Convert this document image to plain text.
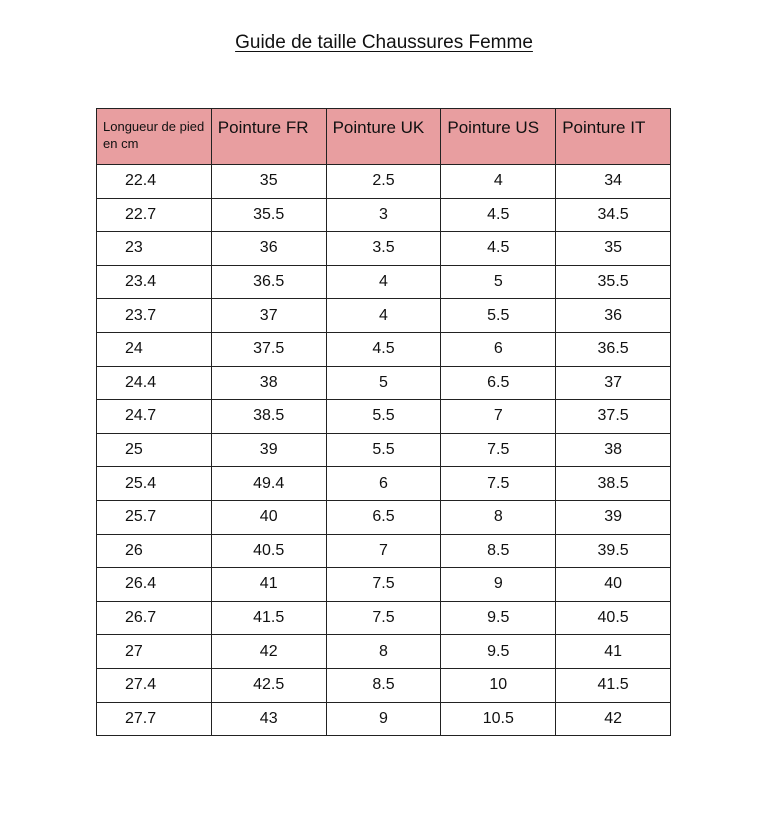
Guide de taille Chaussures Femme
Longueur de pied en cm	Pointure FR	Pointure UK	Pointure US	Pointure IT
22.4	35	2.5	4	34
22.7	35.5	3	4.5	34.5
23	36	3.5	4.5	35
23.4	36.5	4	5	35.5
23.7	37	4	5.5	36
24	37.5	4.5	6	36.5
24.4	38	5	6.5	37
24.7	38.5	5.5	7	37.5
25	39	5.5	7.5	38
25.4	49.4	6	7.5	38.5
25.7	40	6.5	8	39
26	40.5	7	8.5	39.5
26.4	41	7.5	9	40
26.7	41.5	7.5	9.5	40.5
27	42	8	9.5	41
27.4	42.5	8.5	10	41.5
27.7	43	9	10.5	42
